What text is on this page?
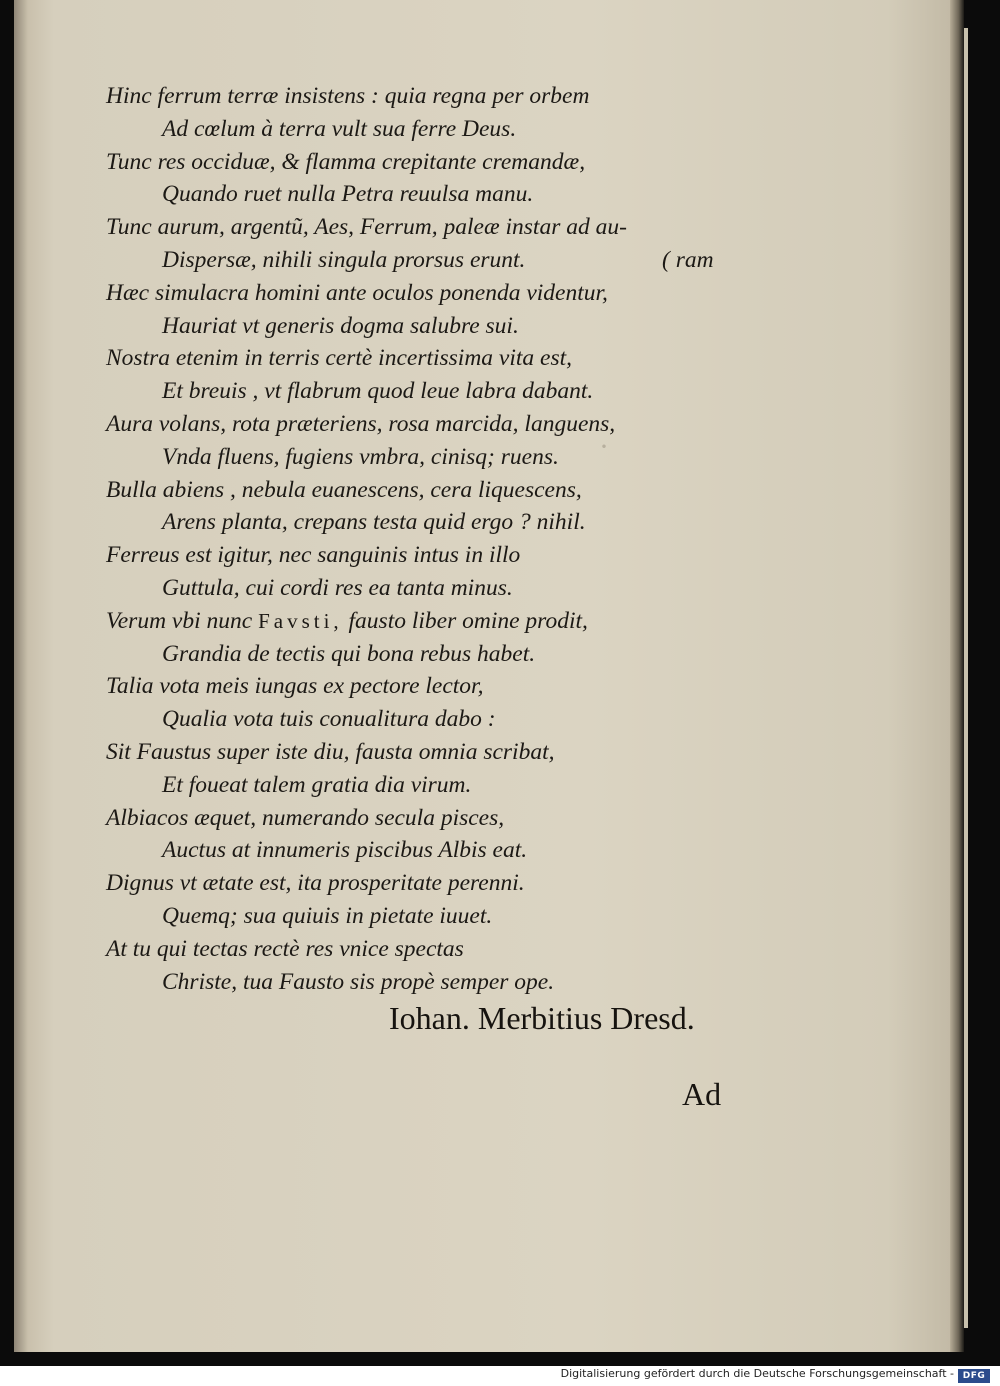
·
Hinc ferrum terræ insistens : quia regna per orbem
Ad cœlum à terra vult sua ferre Deus.
Tunc res occiduæ, & flamma crepitante cremandæ,
Quando ruet nulla Petra reuulsa manu.
Tunc aurum, argentũ, Aes, Ferrum, paleæ instar ad au-
Dispersæ, nihili singula prorsus erunt.	( ram
Hæc simulacra homini ante oculos ponenda videntur,
Hauriat vt generis dogma salubre sui.
Nostra etenim in terris certè incertissima vita est,
Et breuis , vt flabrum quod leue labra dabant.
Aura volans, rota præteriens, rosa marcida, languens,
Vnda fluens, fugiens vmbra, cinisq; ruens.
Bulla abiens , nebula euanescens, cera liquescens,
Arens planta, crepans testa quid ergo ? nihil.
Ferreus est igitur, nec sanguinis intus in illo
Guttula, cui cordi res ea tanta minus.
Verum vbi nunc Favsti, fausto liber omine prodit,
Grandia de tectis qui bona rebus habet.
Talia vota meis iungas ex pectore lector,
Qualia vota tuis conualitura dabo :
Sit Faustus super iste diu, fausta omnia scribat,
Et foueat talem gratia dia virum.
Albiacos æquet, numerando secula pisces,
Auctus at innumeris piscibus Albis eat.
Dignus vt ætate est, ita prosperitate perenni.
Quemq; sua quiuis in pietate iuuet.
At tu qui tectas rectè res vnice spectas
Christe, tua Fausto sis propè semper ope.
Iohan. Merbitius Dresd.
Ad
Digitalisierung gefördert durch die Deutsche Forschungsgemeinschaft - DFG
